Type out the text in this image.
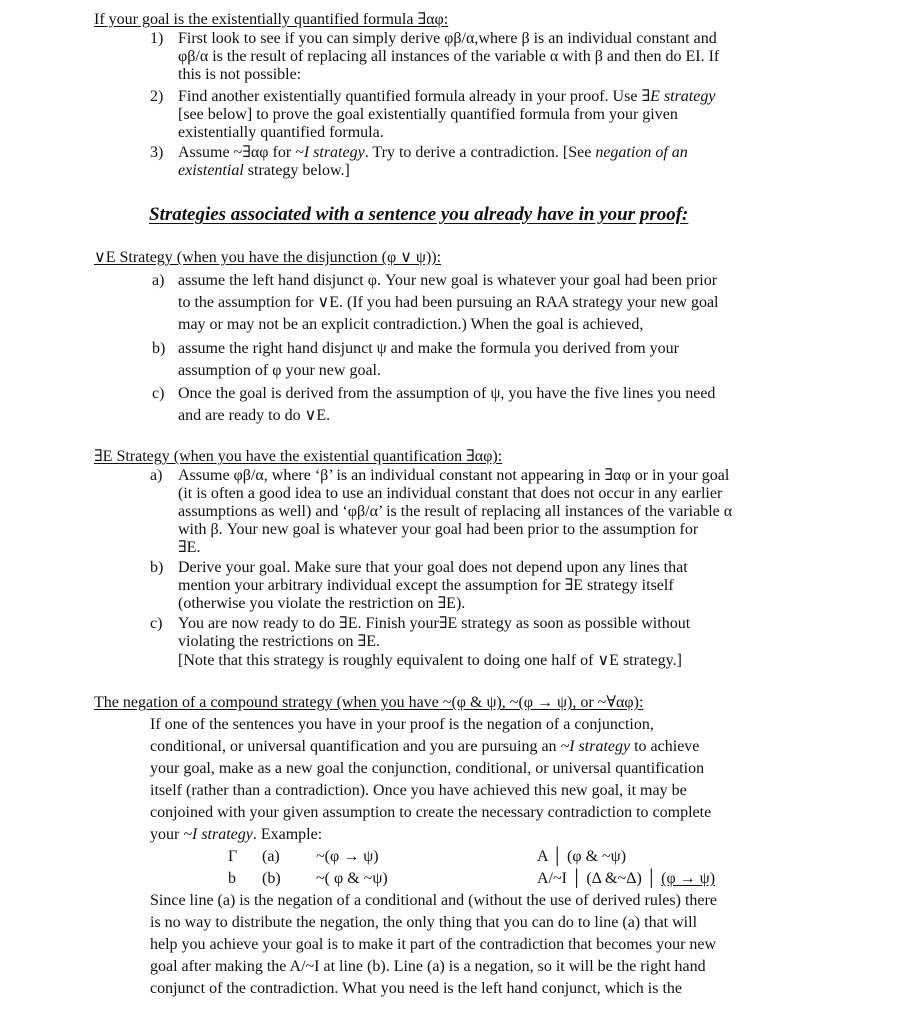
If your goal is the existentially quantified formula ∃αφ:
1) First look to see if you can simply derive φβ/α,where β is an individual constant and
φβ/α is the result of replacing all instances of the variable α with β and then do EI. If
this is not possible:
2) Find another existentially quantified formula already in your proof. Use ∃E strategy
[see below] to prove the goal existentially quantified formula from your given
existentially quantified formula.
3) Assume ~∃αφ for ~I strategy. Try to derive a contradiction. [See negation of an
existential strategy below.]
Strategies associated with a sentence you already have in your proof:
∨E Strategy (when you have the disjunction (φ ∨ ψ)):
a) assume the left hand disjunct φ. Your new goal is whatever your goal had been prior
to the assumption for ∨E. (If you had been pursuing an RAA strategy your new goal
may or may not be an explicit contradiction.) When the goal is achieved,
b) assume the right hand disjunct ψ and make the formula you derived from your
assumption of φ your new goal.
c) Once the goal is derived from the assumption of ψ, you have the five lines you need
and are ready to do ∨E.
∃E Strategy (when you have the existential quantification ∃αφ):
a) Assume φβ/α, where ‘β’ is an individual constant not appearing in ∃αφ or in your goal
(it is often a good idea to use an individual constant that does not occur in any earlier
assumptions as well) and ‘φβ/α’ is the result of replacing all instances of the variable α
with β. Your new goal is whatever your goal had been prior to the assumption for
∃E.
b) Derive your goal. Make sure that your goal does not depend upon any lines that
mention your arbitrary individual except the assumption for ∃E strategy itself
(otherwise you violate the restriction on ∃E).
c) You are now ready to do ∃E. Finish your∃E strategy as soon as possible without
violating the restrictions on ∃E.
[Note that this strategy is roughly equivalent to doing one half of ∨E strategy.]
The negation of a compound strategy (when you have ~(φ & ψ), ~(φ → ψ), or ~∀αφ):
If one of the sentences you have in your proof is the negation of a conjunction,
conditional, or universal quantification and you are pursuing an ~I strategy to achieve
your goal, make as a new goal the conjunction, conditional, or universal quantification
itself (rather than a contradiction). Once you have achieved this new goal, it may be
conjoined with your given assumption to create the necessary contradiction to complete
your ~I strategy. Example:
Γ (a) ~(φ → ψ)	A │ (φ & ~ψ)
b (b) ~( φ & ~ψ)	A/~I │ (Δ &~Δ) │ (φ → ψ)
Since line (a) is the negation of a conditional and (without the use of derived rules) there
is no way to distribute the negation, the only thing that you can do to line (a) that will
help you achieve your goal is to make it part of the contradiction that becomes your new
goal after making the A/~I at line (b). Line (a) is a negation, so it will be the right hand
conjunct of the contradiction. What you need is the left hand conjunct, which is the
